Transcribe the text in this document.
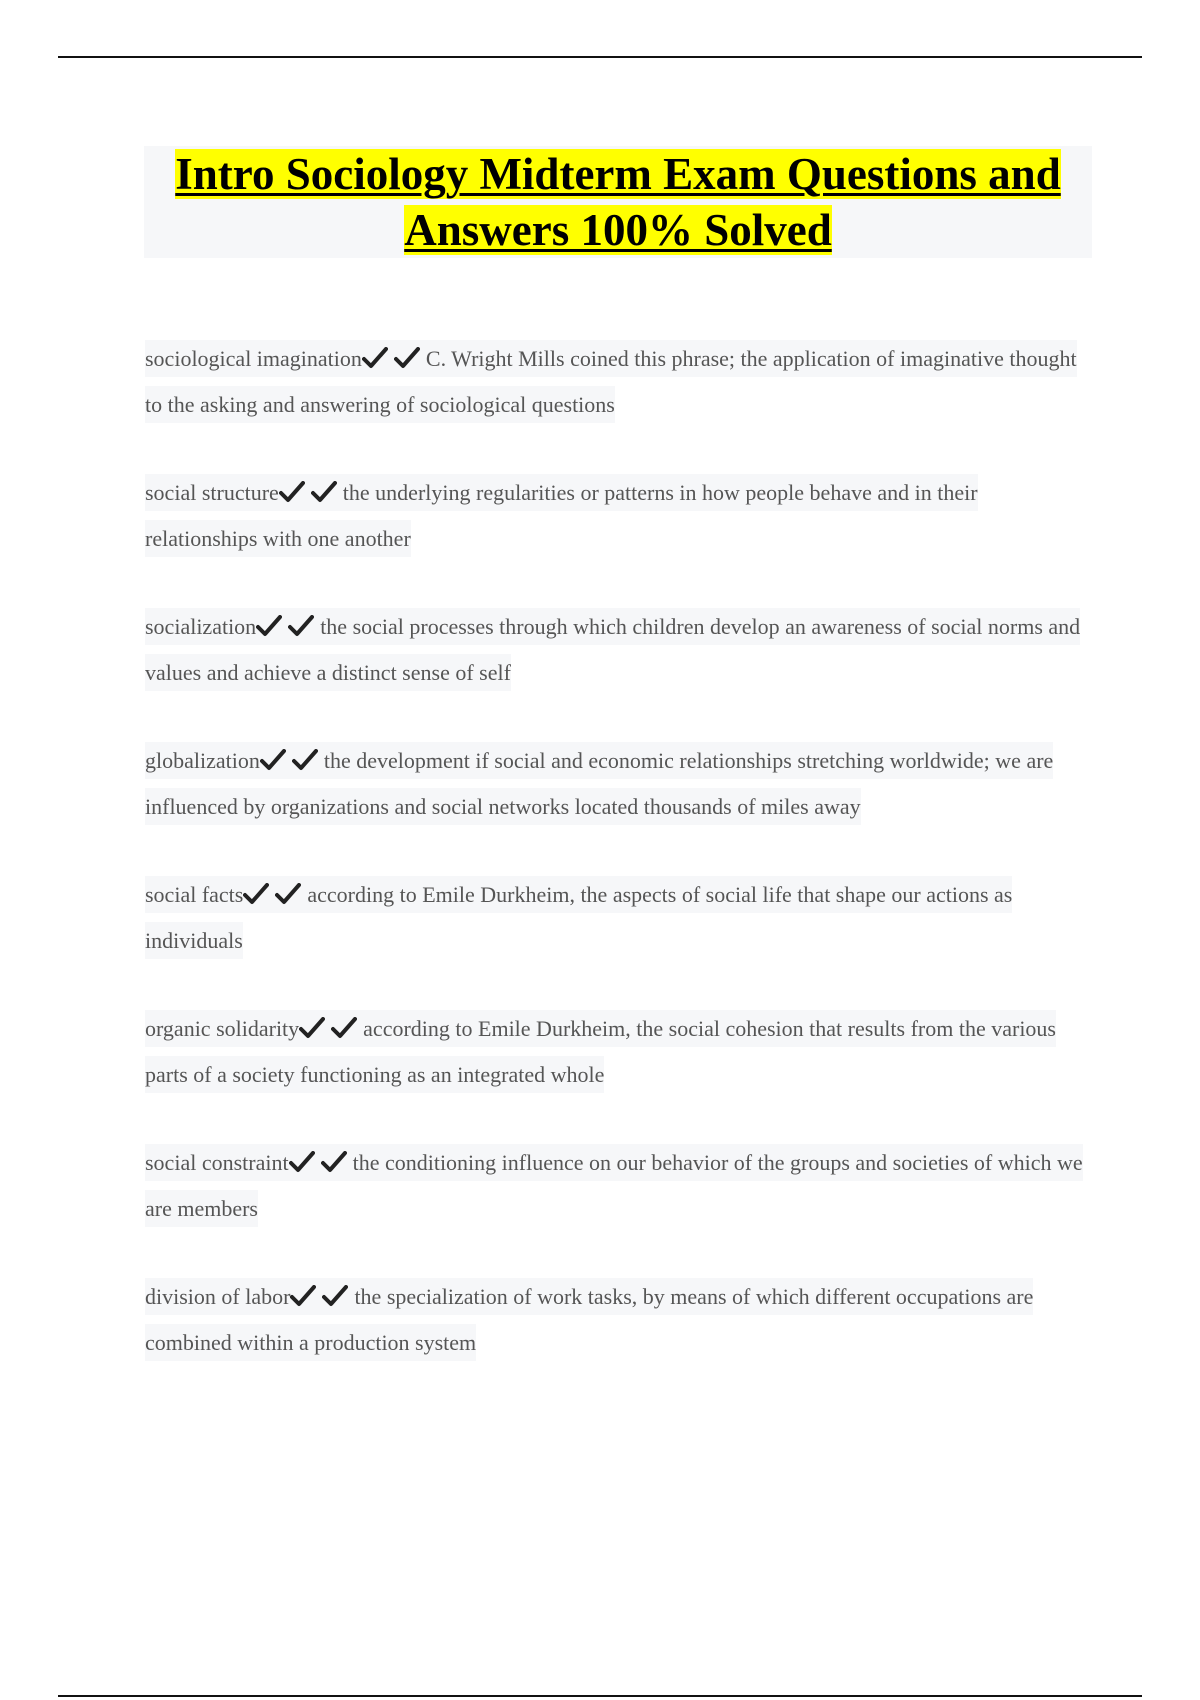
Intro Sociology Midterm Exam Questions and Answers 100% Solved
sociological imagination	C. Wright Mills coined this phrase; the application of imaginative thought to the asking and answering of sociological questions
social structure	the underlying regularities or patterns in how people behave and in their relationships with one another
socialization	the social processes through which children develop an awareness of social norms and values and achieve a distinct sense of self
globalization	the development if social and economic relationships stretching worldwide; we are influenced by organizations and social networks located thousands of miles away
social facts	according to Emile Durkheim, the aspects of social life that shape our actions as individuals
organic solidarity	according to Emile Durkheim, the social cohesion that results from the various parts of a society functioning as an integrated whole
social constraint	the conditioning influence on our behavior of the groups and societies of which we are members
division of labor	the specialization of work tasks, by means of which different occupations are combined within a production system
